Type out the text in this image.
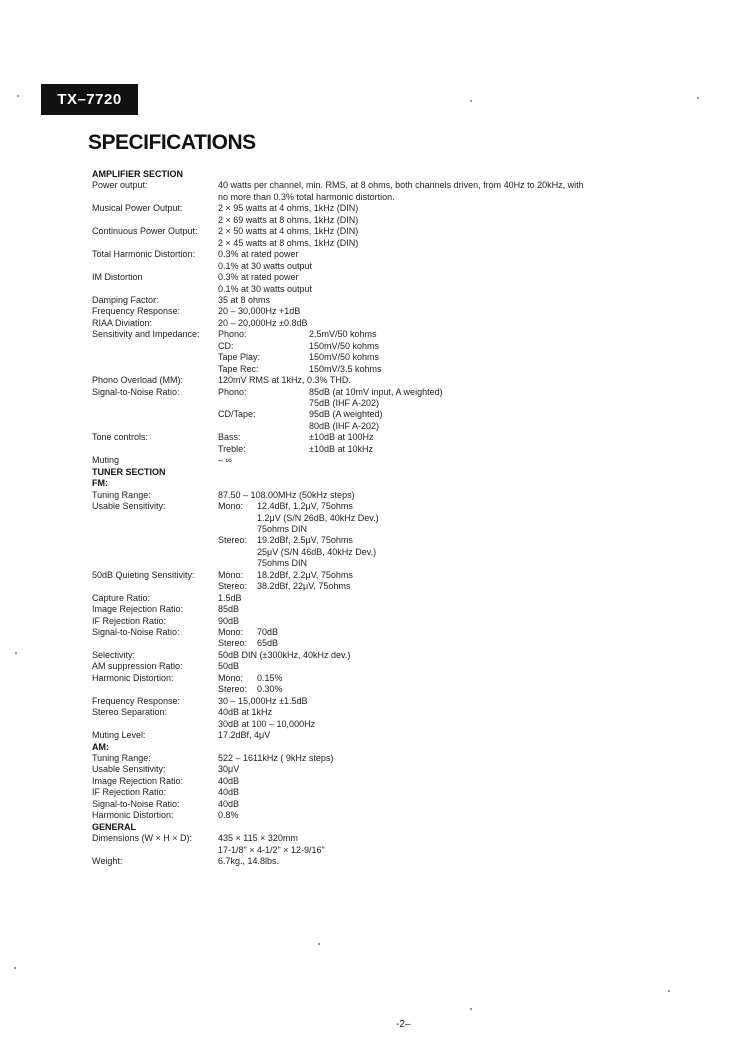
TX–7720
SPECIFICATIONS
AMPLIFIER SECTION
Power output:	40 watts per channel, min. RMS, at 8 ohms, both channels driven, from 40Hz to 20kHz, with
no more than 0.3% total harmonic distortion.
Musical Power Output:	2 × 95 watts at 4 ohms, 1kHz (DIN)
2 × 69 watts at 8 ohms, 1kHz (DIN)
Continuous Power Output: 2 × 50 watts at 4 ohms, 1kHz (DIN)
2 × 45 watts at 8 ohms, 1kHz (DIN)
Total Harmonic Distortion:	0.3% at rated power
0.1% at 30 watts output
IM Distortion	0.3% at rated power
0.1% at 30 watts output
Damping Factor:	35 at 8 ohms
Frequency Response:	20 – 30,000Hz +1dB
RIAA Diviation:	20 – 20,000Hz ±0.8dB
Sensitivity and Impedance: Phono:	2.5mV/50 kohms
CD:	150mV/50 kohms
Tape Play:	150mV/50 kohms
Tape Rec:	150mV/3.5 kohms
Phono Overload (MM):	120mV RMS at 1kHz, 0.3% THD.
Signal-to-Noise Ratio:	Phono:	85dB (at 10mV input, A weighted)
75dB (IHF A-202)
CD/Tape:	95dB (A weighted)
80dB (IHF A-202)
Tone controls:	Bass:	±10dB at 100Hz
Treble:	±10dB at 10kHz
Muting	– ∞
TUNER SECTION
FM:
Tuning Range:	87.50 – 108.00MHz (50kHz steps)
Usable Sensitivity:	Mono: 12.4dBf, 1.2μV, 75ohms
1.2μV (S/N 26dB, 40kHz Dev.)
75ohms DIN
Stereo: 19.2dBf, 2.5μV, 75ohms
25μV (S/N 46dB, 40kHz Dev.)
75ohms DIN
50dB Quieting Sensitivity:	Mono: 18.2dBf, 2.2μV, 75ohms
Stereo: 38.2dBf, 22μV, 75ohms
Capture Ratio:	1.5dB
Image Rejection Ratio:	85dB
IF Rejection Ratio:	90dB
Signal-to-Noise Ratio:	Mono: 70dB
Stereo: 65dB
Selectivity:	50dB DIN (±300kHz, 40kHz dev.)
AM suppression Ratio:	50dB
Harmonic Distortion:	Mono: 0.15%
Stereo: 0.30%
Frequency Response:	30 – 15,000Hz ±1.5dB
Stereo Separation:	40dB at 1kHz
30dB at 100 – 10,000Hz
Muting Level:	17.2dBf, 4μV
AM:
Tuning Range:	522 – 1611kHz ( 9kHz steps)
Usable Sensitivity:	30μV
Image Rejection Ratio:	40dB
IF Rejection Ratio:	40dB
Signal-to-Noise Ratio:	40dB
Harmonic Distortion:	0.8%
GENERAL
Dimensions (W × H × D):	435 × 115 × 320mm
17-1/8" × 4-1/2" × 12-9/16"
Weight:	6.7kg., 14.8lbs.
-2–
